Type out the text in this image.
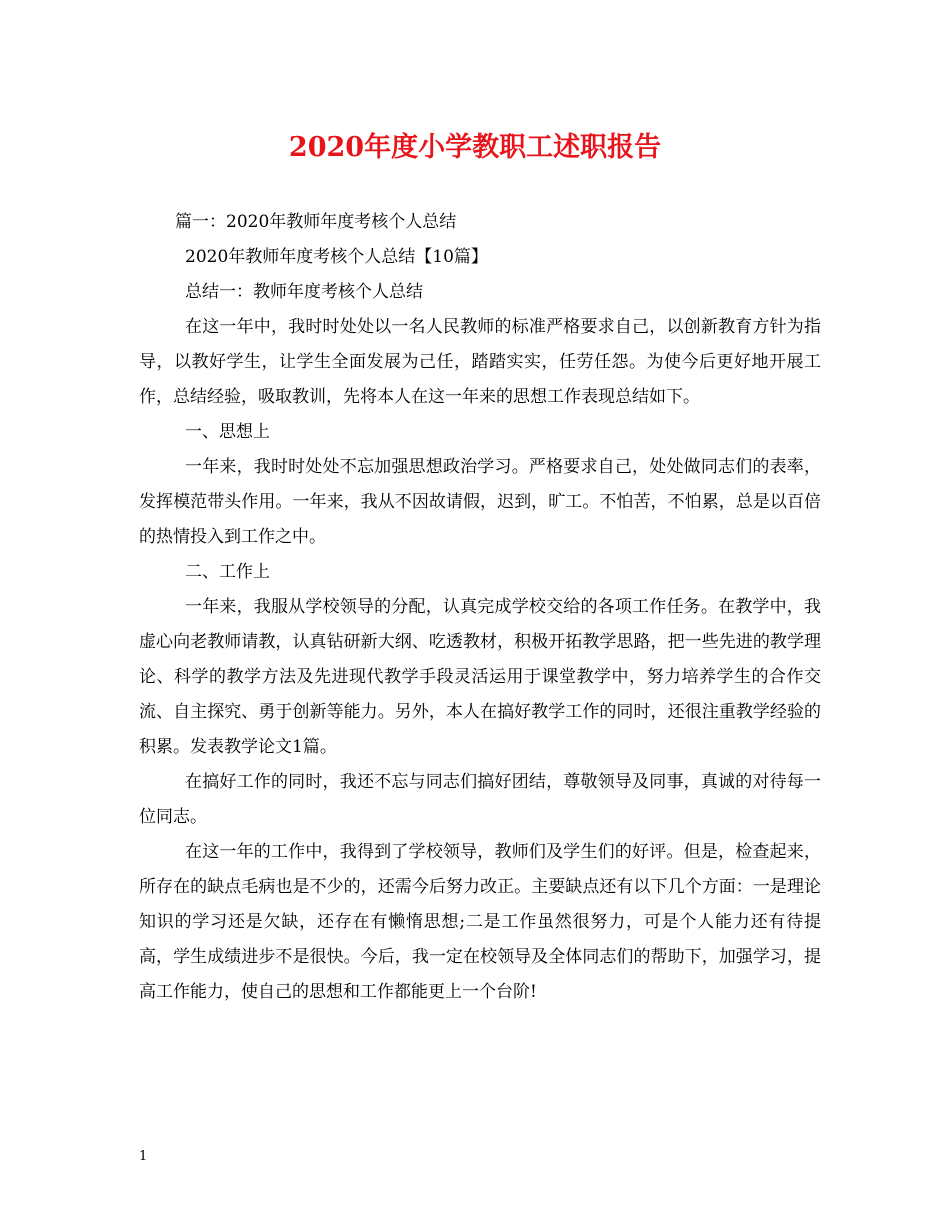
2020年度小学教职工述职报告

篇一：2020年教师年度考核个人总结

2020年教师年度考核个人总结【10篇】

总结一：教师年度考核个人总结

在这一年中，我时时处处以一名人民教师的标准严格要求自己，以创新教育方针为指导，以教好学生，让学生全面发展为己任，踏踏实实，任劳任怨。为使今后更好地开展工作，总结经验，吸取教训，先将本人在这一年来的思想工作表现总结如下。

一、思想上

一年来，我时时处处不忘加强思想政治学习。严格要求自己，处处做同志们的表率，发挥模范带头作用。一年来，我从不因故请假，迟到，旷工。不怕苦，不怕累，总是以百倍的热情投入到工作之中。

二、工作上

一年来，我服从学校领导的分配，认真完成学校交给的各项工作任务。在教学中，我虚心向老教师请教，认真钻研新大纲、吃透教材，积极开拓教学思路，把一些先进的教学理论、科学的教学方法及先进现代教学手段灵活运用于课堂教学中，努力培养学生的合作交流、自主探究、勇于创新等能力。另外，本人在搞好教学工作的同时，还很注重教学经验的积累。发表教学论文1篇。

在搞好工作的同时，我还不忘与同志们搞好团结，尊敬领导及同事，真诚的对待每一位同志。

在这一年的工作中，我得到了学校领导，教师们及学生们的好评。但是，检查起来，所存在的缺点毛病也是不少的，还需今后努力改正。主要缺点还有以下几个方面：一是理论知识的学习还是欠缺，还存在有懒惰思想;二是工作虽然很努力，可是个人能力还有待提高，学生成绩进步不是很快。今后，我一定在校领导及全体同志们的帮助下，加强学习，提高工作能力，使自己的思想和工作都能更上一个台阶!

1
